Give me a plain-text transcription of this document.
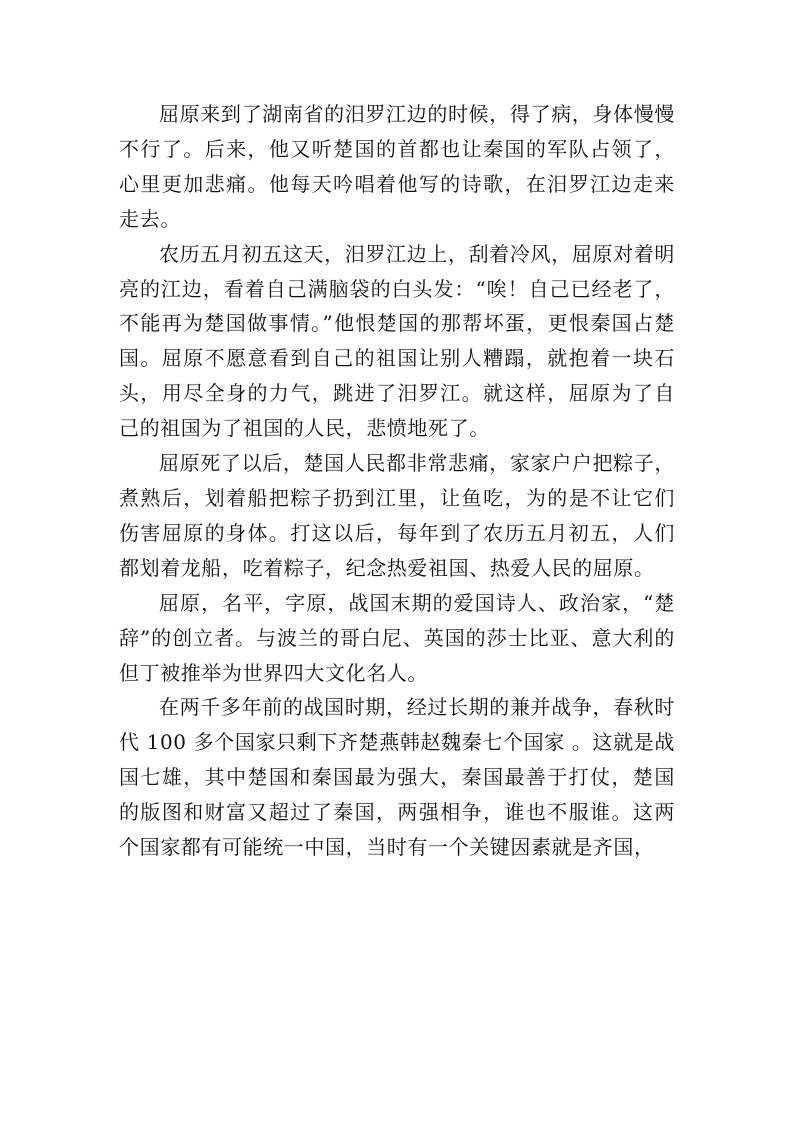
屈原来到了湖南省的汨罗江边的时候，得了病，身体慢慢不行了。后来，他又听楚国的首都也让秦国的军队占领了，心里更加悲痛。他每天吟唱着他写的诗歌，在汨罗江边走来走去。

农历五月初五这天，汨罗江边上，刮着冷风，屈原对着明亮的江边，看着自己满脑袋的白头发：“唉！自己已经老了，不能再为楚国做事情。”他恨楚国的那帮坏蛋，更恨秦国占楚国。屈原不愿意看到自己的祖国让别人糟蹋，就抱着一块石头，用尽全身的力气，跳进了汨罗江。就这样，屈原为了自己的祖国为了祖国的人民，悲愤地死了。

屈原死了以后，楚国人民都非常悲痛，家家户户把粽子，煮熟后，划着船把粽子扔到江里，让鱼吃，为的是不让它们伤害屈原的身体。打这以后，每年到了农历五月初五，人们都划着龙船，吃着粽子，纪念热爱祖国、热爱人民的屈原。

屈原，名平，字原，战国末期的爱国诗人、政治家，“楚辞”的创立者。与波兰的哥白尼、英国的莎士比亚、意大利的但丁被推举为世界四大文化名人。

在两千多年前的战国时期，经过长期的兼并战争，春秋时代 100 多个国家只剩下齐楚燕韩赵魏秦七个国家 。这就是战国七雄，其中楚国和秦国最为强大，秦国最善于打仗，楚国的版图和财富又超过了秦国，两强相争，谁也不服谁。这两个国家都有可能统一中国，当时有一个关键因素就是齐国，
